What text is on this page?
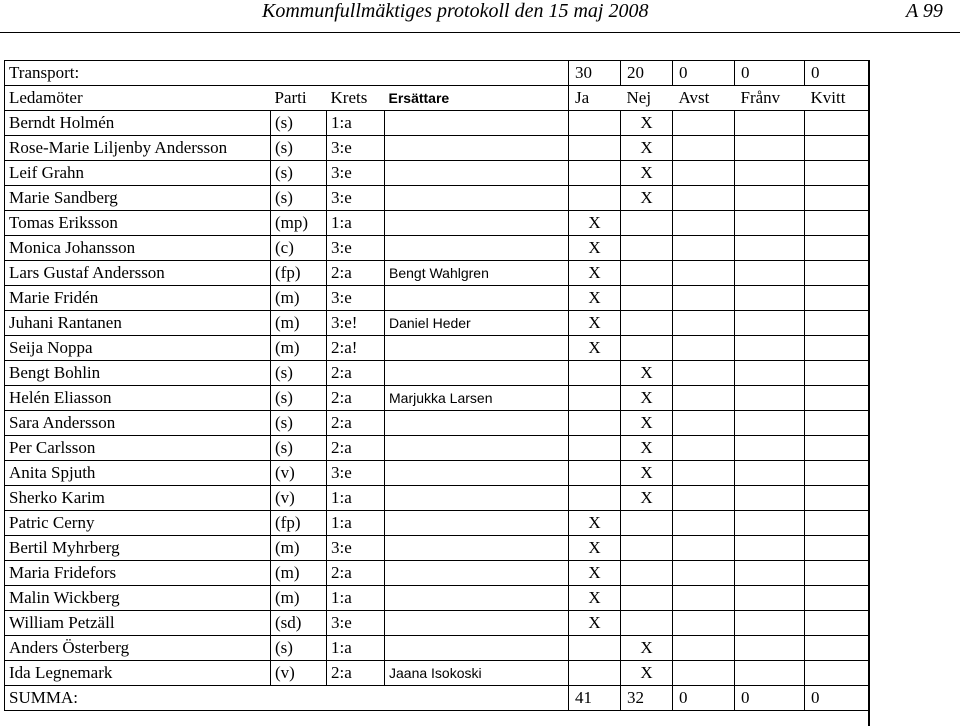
Kommunfullmäktiges protokoll den 15 maj 2008	A 99
Transport:				30	20	0	0	0
Ledamöter	Parti	Krets	Ersättare	Ja	Nej	Avst	Frånv	Kvitt
Berndt Holmén	(s)	1:a			X			
Rose-Marie Liljenby Andersson	(s)	3:e			X			
Leif Grahn	(s)	3:e			X			
Marie Sandberg	(s)	3:e			X			
Tomas Eriksson	(mp)	1:a		X				
Monica Johansson	(c)	3:e		X				
Lars Gustaf Andersson	(fp)	2:a	Bengt Wahlgren	X				
Marie Fridén	(m)	3:e		X				
Juhani Rantanen	(m)	3:e!	Daniel Heder	X				
Seija Noppa	(m)	2:a!		X				
Bengt Bohlin	(s)	2:a			X			
Helén Eliasson	(s)	2:a	Marjukka Larsen		X			
Sara Andersson	(s)	2:a			X			
Per Carlsson	(s)	2:a			X			
Anita Spjuth	(v)	3:e			X			
Sherko Karim	(v)	1:a			X			
Patric Cerny	(fp)	1:a		X				
Bertil Myhrberg	(m)	3:e		X				
Maria Fridefors	(m)	2:a		X				
Malin Wickberg	(m)	1:a		X				
William Petzäll	(sd)	3:e		X				
Anders Österberg	(s)	1:a			X			
Ida Legnemark	(v)	2:a	Jaana Isokoski		X			
SUMMA:				41	32	0	0	0
